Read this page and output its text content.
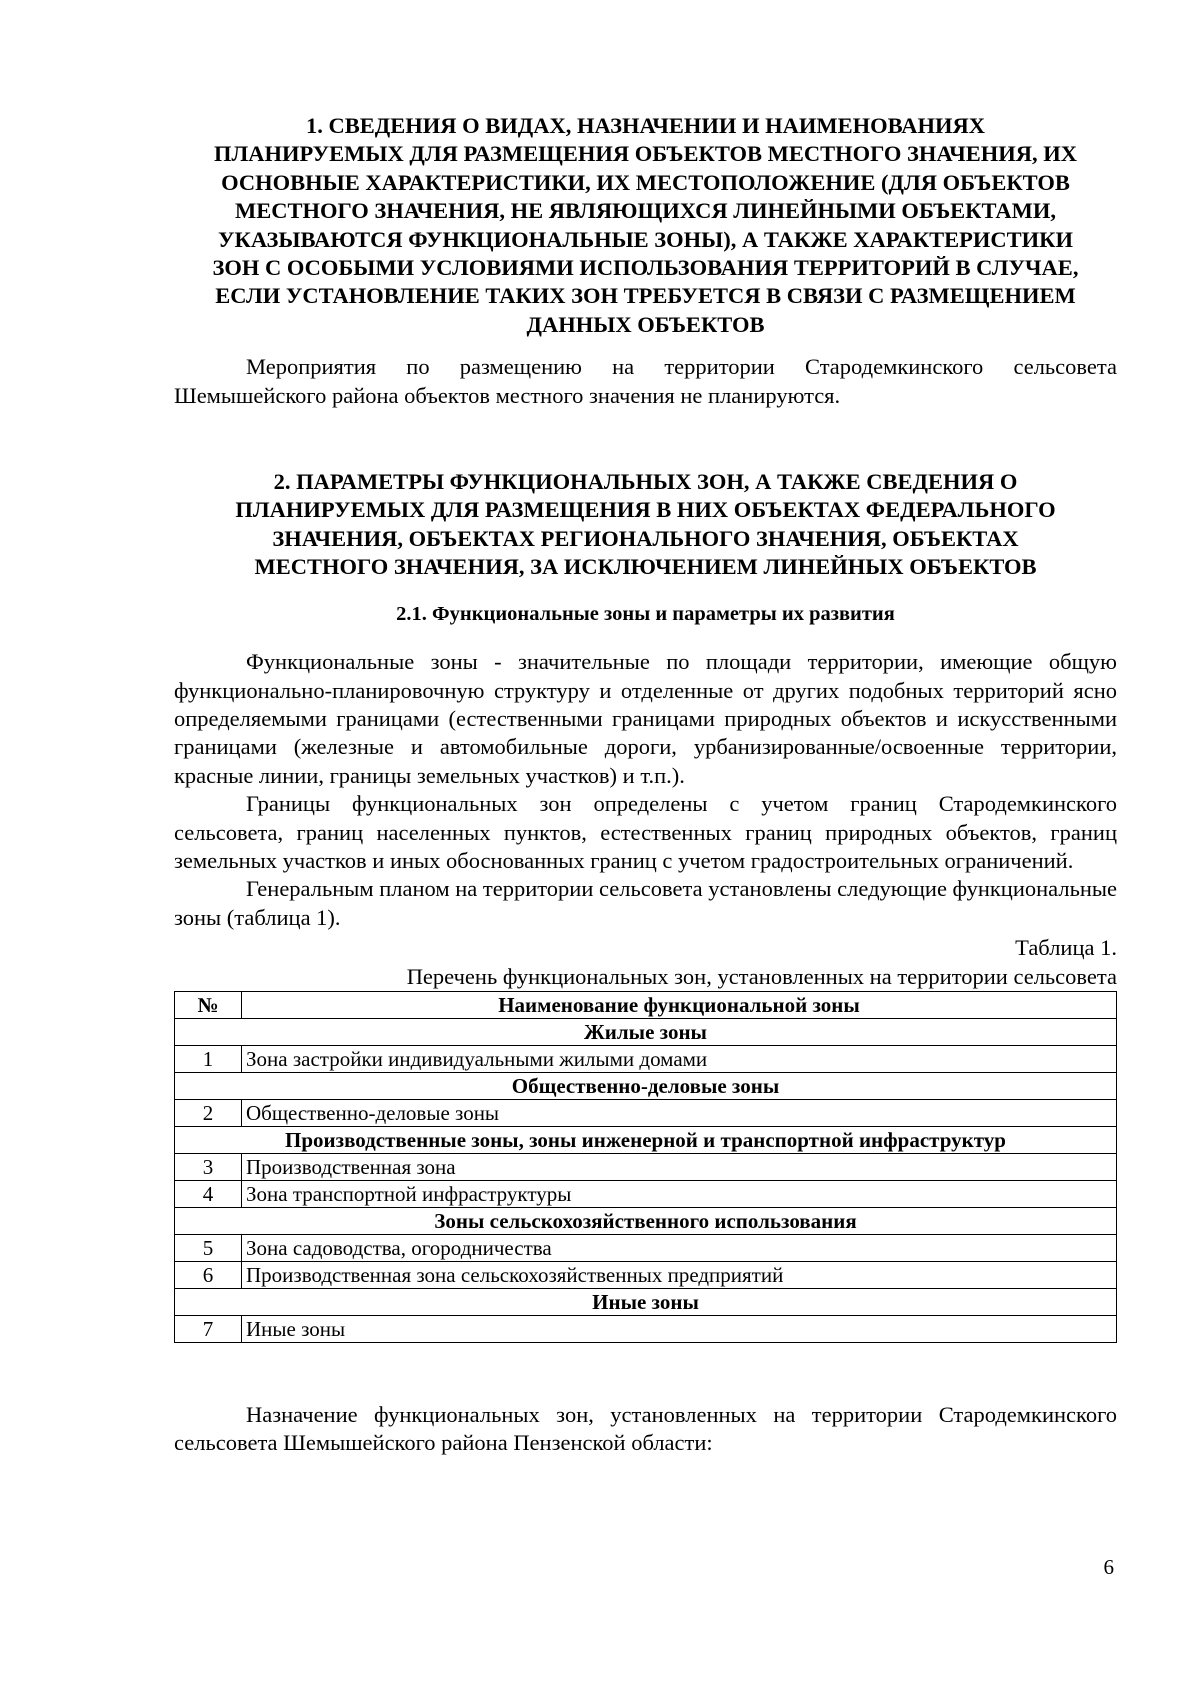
1. СВЕДЕНИЯ О ВИДАХ, НАЗНАЧЕНИИ И НАИМЕНОВАНИЯХ
ПЛАНИРУЕМЫХ ДЛЯ РАЗМЕЩЕНИЯ ОБЪЕКТОВ МЕСТНОГО ЗНАЧЕНИЯ, ИХ
ОСНОВНЫЕ ХАРАКТЕРИСТИКИ, ИХ МЕСТОПОЛОЖЕНИЕ (ДЛЯ ОБЪЕКТОВ
МЕСТНОГО ЗНАЧЕНИЯ, НЕ ЯВЛЯЮЩИХСЯ ЛИНЕЙНЫМИ ОБЪЕКТАМИ,
УКАЗЫВАЮТСЯ ФУНКЦИОНАЛЬНЫЕ ЗОНЫ), А ТАКЖЕ ХАРАКТЕРИСТИКИ
ЗОН С ОСОБЫМИ УСЛОВИЯМИ ИСПОЛЬЗОВАНИЯ ТЕРРИТОРИЙ В СЛУЧАЕ,
ЕСЛИ УСТАНОВЛЕНИЕ ТАКИХ ЗОН ТРЕБУЕТСЯ В СВЯЗИ С РАЗМЕЩЕНИЕМ
ДАННЫХ ОБЪЕКТОВ

Мероприятия по размещению на территории Стародемкинского сельсовета Шемышейского района объектов местного значения не планируются.

2. ПАРАМЕТРЫ ФУНКЦИОНАЛЬНЫХ ЗОН, А ТАКЖЕ СВЕДЕНИЯ О
ПЛАНИРУЕМЫХ ДЛЯ РАЗМЕЩЕНИЯ В НИХ ОБЪЕКТАХ ФЕДЕРАЛЬНОГО
ЗНАЧЕНИЯ, ОБЪЕКТАХ РЕГИОНАЛЬНОГО ЗНАЧЕНИЯ, ОБЪЕКТАХ
МЕСТНОГО ЗНАЧЕНИЯ, ЗА ИСКЛЮЧЕНИЕМ ЛИНЕЙНЫХ ОБЪЕКТОВ

2.1. Функциональные зоны и параметры их развития

Функциональные зоны - значительные по площади территории, имеющие общую функционально-планировочную структуру и отделенные от других подобных территорий ясно определяемыми границами (естественными границами природных объектов и искусственными границами (железные и автомобильные дороги, урбанизированные/освоенные территории, красные линии, границы земельных участков) и т.п.).

Границы функциональных зон определены с учетом границ Стародемкинского сельсовета, границ населенных пунктов, естественных границ природных объектов, границ земельных участков и иных обоснованных границ с учетом градостроительных ограничений.

Генеральным планом на территории сельсовета установлены следующие функциональные зоны (таблица 1).

Таблица 1.

Перечень функциональных зон, установленных на территории сельсовета

№	Наименование функциональной зоны
Жилые зоны	
1	Зона застройки индивидуальными жилыми домами
Общественно-деловые зоны	
2	Общественно-деловые зоны
Производственные зоны, зоны инженерной и транспортной инфраструктур	
3	Производственная зона
4	Зона транспортной инфраструктуры
Зоны сельскохозяйственного использования	
5	Зона садоводства, огородничества
6	Производственная зона сельскохозяйственных предприятий
Иные зоны	
7	Иные зоны

Назначение функциональных зон, установленных на территории Стародемкинского сельсовета Шемышейского района Пензенской области:

6
